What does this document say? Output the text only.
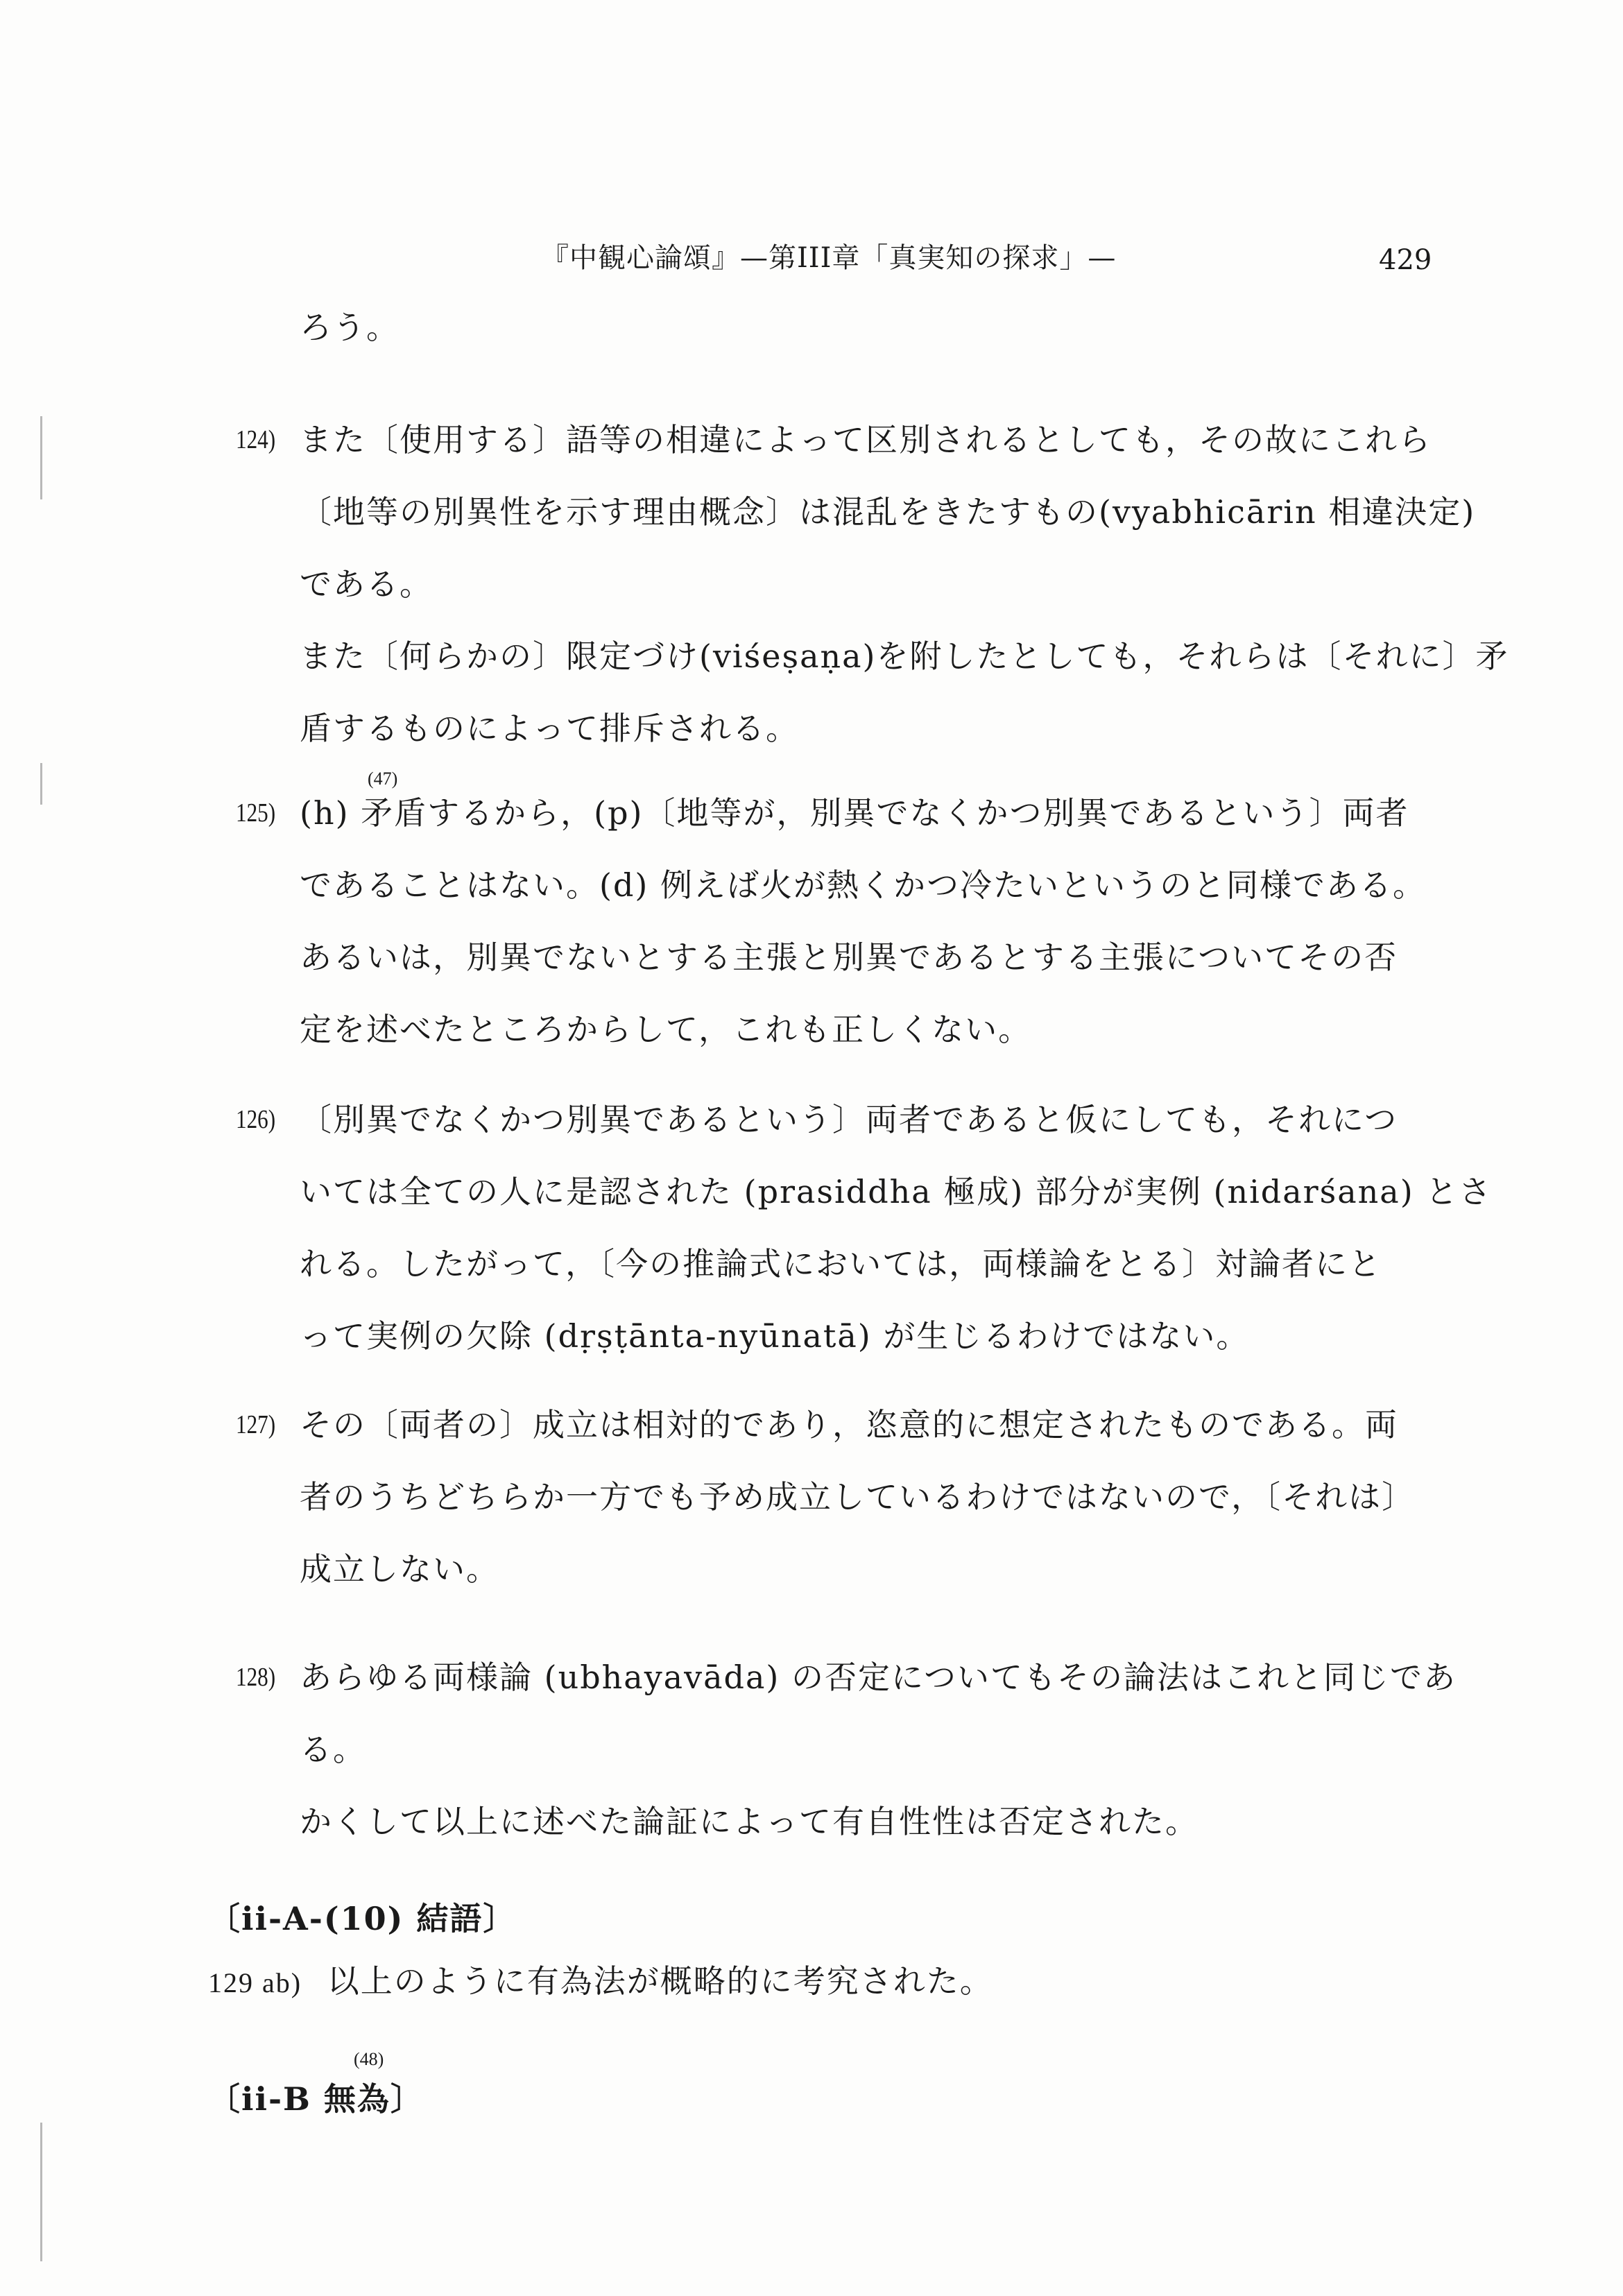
『中観心論頌』—第III章「真実知の探求」—	429
ろう。
124) また〔使用する〕語等の相違によって区別されるとしても，その故にこれら
〔地等の別異性を示す理由概念〕は混乱をきたすもの(vyabhicārin 相違決定)
である。
また〔何らかの〕限定づけ(viśeṣaṇa)を附したとしても，それらは〔それに〕矛
盾するものによって排斥される。
125)
(47)
(h) 矛盾するから，(p)〔地等が，別異でなくかつ別異であるという〕両者
であることはない。(d) 例えば火が熱くかつ冷たいというのと同様である。
あるいは，別異でないとする主張と別異であるとする主張についてその否
定を述べたところからして，これも正しくない。
126) 〔別異でなくかつ別異であるという〕両者であると仮にしても，それにつ
いては全ての人に是認された (prasiddha 極成) 部分が実例 (nidarśana) とさ
れる。したがって，〔今の推論式においては，両様論をとる〕対論者にと
って実例の欠除 (dṛṣṭānta-nyūnatā) が生じるわけではない。
127) その〔両者の〕成立は相対的であり，恣意的に想定されたものである。両
者のうちどちらか一方でも予め成立しているわけではないので，〔それは〕
成立しない。
128) あらゆる両様論 (ubhayavāda) の否定についてもその論法はこれと同じであ
る。
かくして以上に述べた論証によって有自性性は否定された。
〔ii-A-(10) 結語〕
129 ab) 以上のように有為法が概略的に考究された。
(48)
〔ii-B 無為〕
